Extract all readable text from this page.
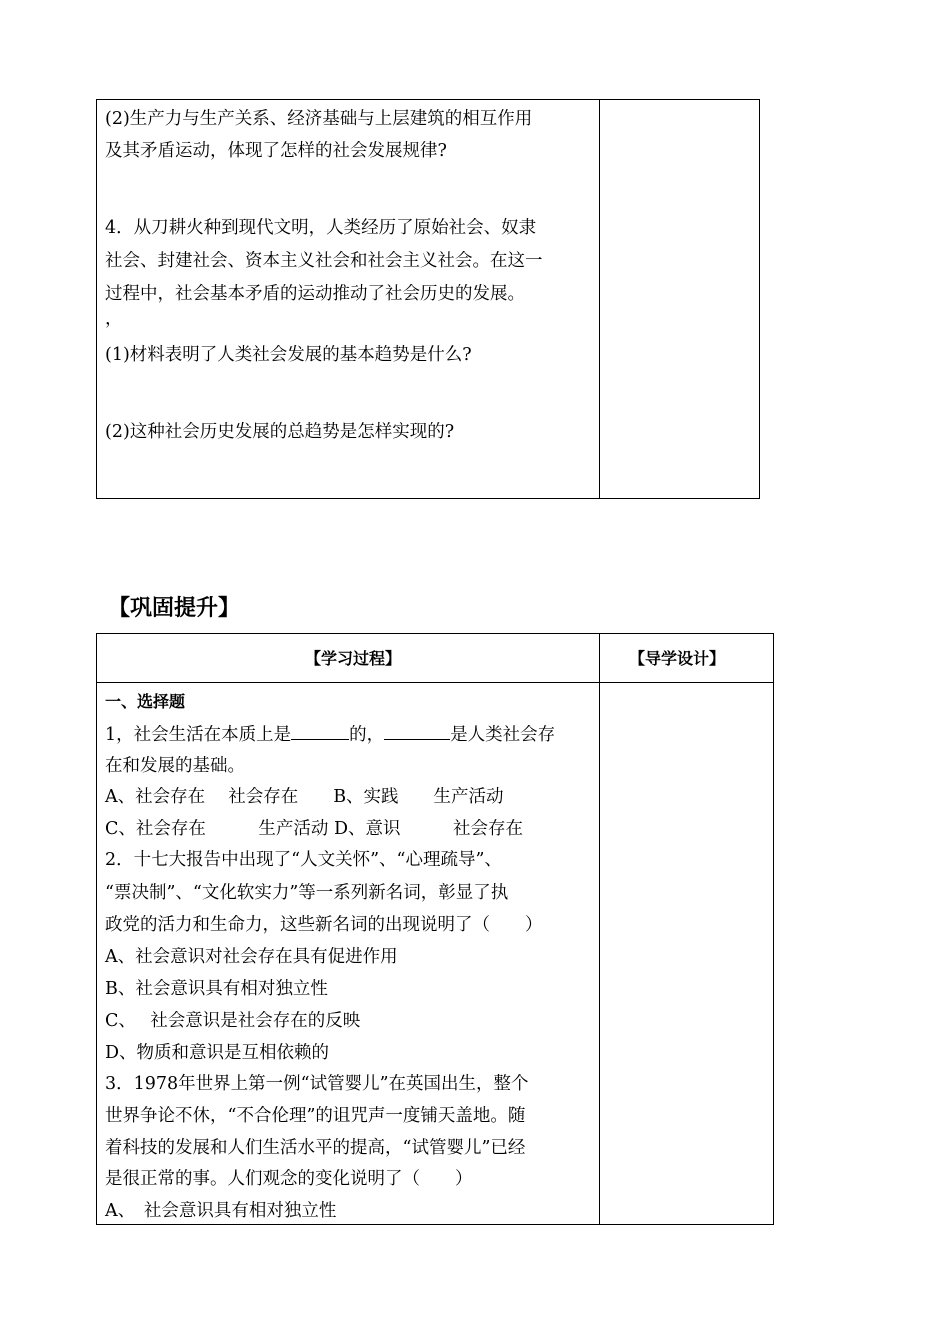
(2)生产力与生产关系、经济基础与上层建筑的相互作用
及其矛盾运动，体现了怎样的社会发展规律?
4．从刀耕火种到现代文明，人类经历了原始社会、奴隶
社会、封建社会、资本主义社会和社会主义社会。在这一
过程中，社会基本矛盾的运动推动了社会历史的发展。
，
(1)材料表明了人类社会发展的基本趋势是什么?
(2)这种社会历史发展的总趋势是怎样实现的?
【巩固提升】
【学习过程】	【导学设计】
一、选择题
1，社会生活在本质上是	的，	是人类社会存
在和发展的基础。
A、社会存在　 社会存在　　B、实践　　生产活动
C、社会存在　　　生产活动 D、意识　　　社会存在
2．十七大报告中出现了“人文关怀”、“心理疏导”、
“票决制”、“文化软实力”等一系列新名词，彰显了执
政党的活力和生命力，这些新名词的出现说明了（　　）
A、社会意识对社会存在具有促进作用
B、社会意识具有相对独立性
C、　 社会意识是社会存在的反映
D、物质和意识是互相依赖的
3．1978年世界上第一例“试管婴儿”在英国出生，整个
世界争论不休，“不合伦理”的诅咒声一度铺天盖地。随
着科技的发展和人们生活水平的提高，“试管婴儿”已经
是很正常的事。人们观念的变化说明了（　　）
A、　社会意识具有相对独立性
